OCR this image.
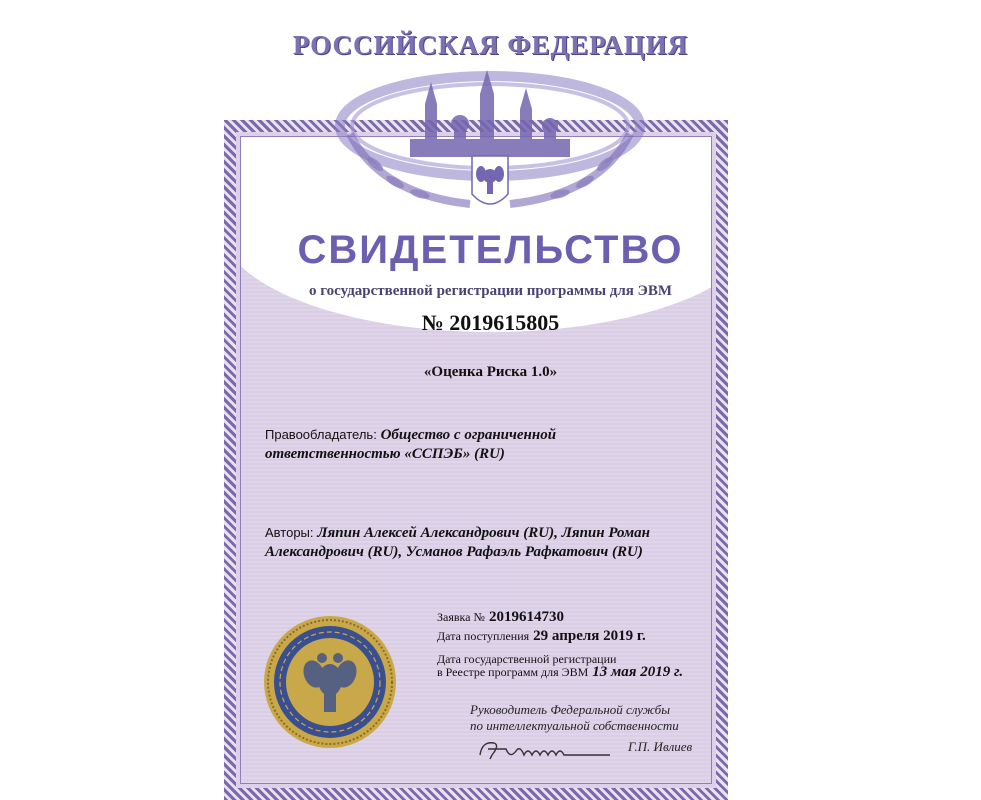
РОССИЙСКАЯ ФЕДЕРАЦИЯ
СВИДЕТЕЛЬСТВО
о государственной регистрации программы для ЭВМ
№ 2019615805
«Оценка Риска 1.0»
Правообладатель: Общество с ограниченной ответственностью «ССПЭБ» (RU)
Авторы: Ляпин Алексей Александрович (RU), Ляпин Роман Александрович (RU), Усманов Рафаэль Рафкатович (RU)
Заявка № 2019614730
Дата поступления 29 апреля 2019 г.
Дата государственной регистрации
в Реестре программ для ЭВМ 13 мая 2019 г.
Руководитель Федеральной службы
по интеллектуальной собственности
Г.П. Ивлиев
